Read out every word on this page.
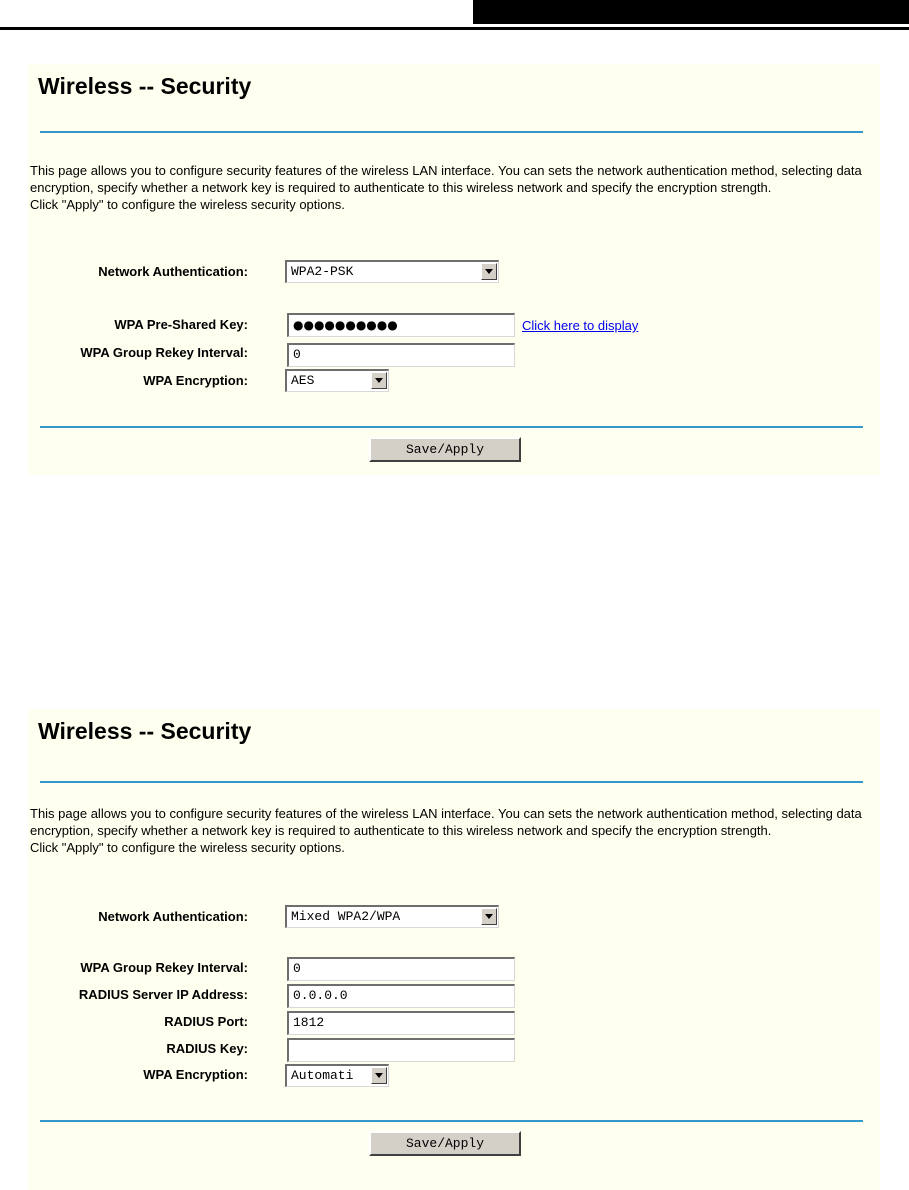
Wireless -- Security

This page allows you to configure security features of the wireless LAN interface. You can sets the network authentication method, selecting data encryption, specify whether a network key is required to authenticate to this wireless network and specify the encryption strength.

Click "Apply" to configure the wireless security options.

Network Authentication:	WPA2-PSK
WPA Pre-Shared Key:	●●●●●●●●●●	Click here to display
WPA Group Rekey Interval:	0
WPA Encryption:	AES
Save/Apply
Wireless -- Security

This page allows you to configure security features of the wireless LAN interface. You can sets the network authentication method, selecting data encryption, specify whether a network key is required to authenticate to this wireless network and specify the encryption strength.

Click "Apply" to configure the wireless security options.

Network Authentication:	Mixed WPA2/WPA
WPA Group Rekey Interval:	0
RADIUS Server IP Address:	0.0.0.0
RADIUS Port:	1812
RADIUS Key:
WPA Encryption:	Automati
Save/Apply
